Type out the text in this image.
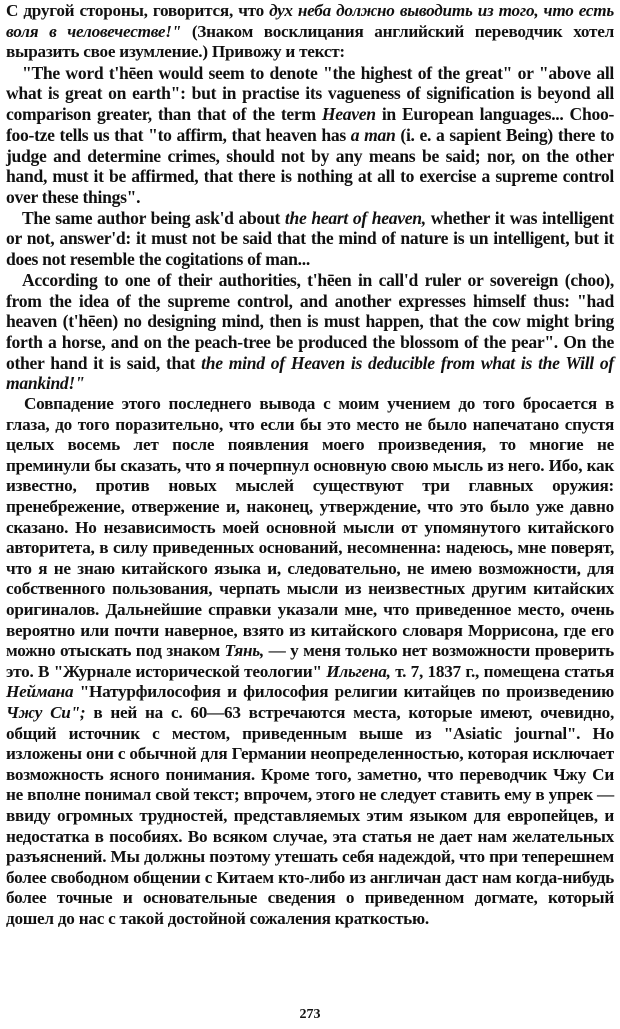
С другой стороны, говорится, что дух неба должно выводить из того, что есть воля в человечестве!" (Знаком восклицания английский переводчик хотел выразить свое изумление.) Привожу и текст:

"The word t'hēen would seem to denote "the highest of the great" or "above all what is great on earth": but in practise its vagueness of signification is beyond all comparison greater, than that of the term Heaven in European languages... Choo-foo-tze tells us that "to affirm, that heaven has a man (i. e. a sapient Being) there to judge and determine crimes, should not by any means be said; nor, on the other hand, must it be affirmed, that there is nothing at all to exercise a supreme control over these things".

The same author being ask'd about the heart of heaven, whether it was intelligent or not, answer'd: it must not be said that the mind of nature is un intelligent, but it does not resemble the cogitations of man...

According to one of their authorities, t'hēen in call'd ruler or sovereign (choo), from the idea of the supreme control, and another expresses himself thus: "had heaven (t'hēen) no designing mind, then is must happen, that the cow might bring forth a horse, and on the peach-tree be produced the blossom of the pear". On the other hand it is said, that the mind of Heaven is deducible from what is the Will of mankind!"

Совпадение этого последнего вывода с моим учением до того бросается в глаза, до того поразительно, что если бы это место не было напечатано спустя целых восемь лет после появления моего произведения, то многие не преминули бы сказать, что я почерпнул основную свою мысль из него. Ибо, как известно, против новых мыслей существуют три главных оружия: пренебрежение, отвержение и, наконец, утверждение, что это было уже давно сказано. Но независимость моей основной мысли от упомянутого китайского авторитета, в силу приведенных оснований, несомненна: надеюсь, мне поверят, что я не знаю китайского языка и, следовательно, не имею возможности, для собственного пользования, черпать мысли из неизвестных другим китайских оригиналов. Дальнейшие справки указали мне, что приведенное место, очень вероятно или почти наверное, взято из китайского словаря Моррисона, где его можно отыскать под знаком Тянь, — у меня только нет возможности проверить это. В "Журнале исторической теологии" Ильгена, т. 7, 1837 г., помещена статья Неймана "Натурфилософия и философия религии китайцев по произведению Чжу Си"; в ней на с. 60—63 встречаются места, которые имеют, очевидно, общий источник с местом, приведенным выше из "Asiatic journal". Но изложены они с обычной для Германии неопределенностью, которая исключает возможность ясного понимания. Кроме того, заметно, что переводчик Чжу Си не вполне понимал свой текст; впрочем, этого не следует ставить ему в упрек — ввиду огромных трудностей, представляемых этим языком для европейцев, и недостатка в пособиях. Во всяком случае, эта статья не дает нам желательных разъяснений. Мы должны поэтому утешать себя надеждой, что при теперешнем более свободном общении с Китаем кто-либо из англичан даст нам когда-нибудь более точные и основательные сведения о приведенном догмате, который дошел до нас с такой достойной сожаления краткостью.

273
